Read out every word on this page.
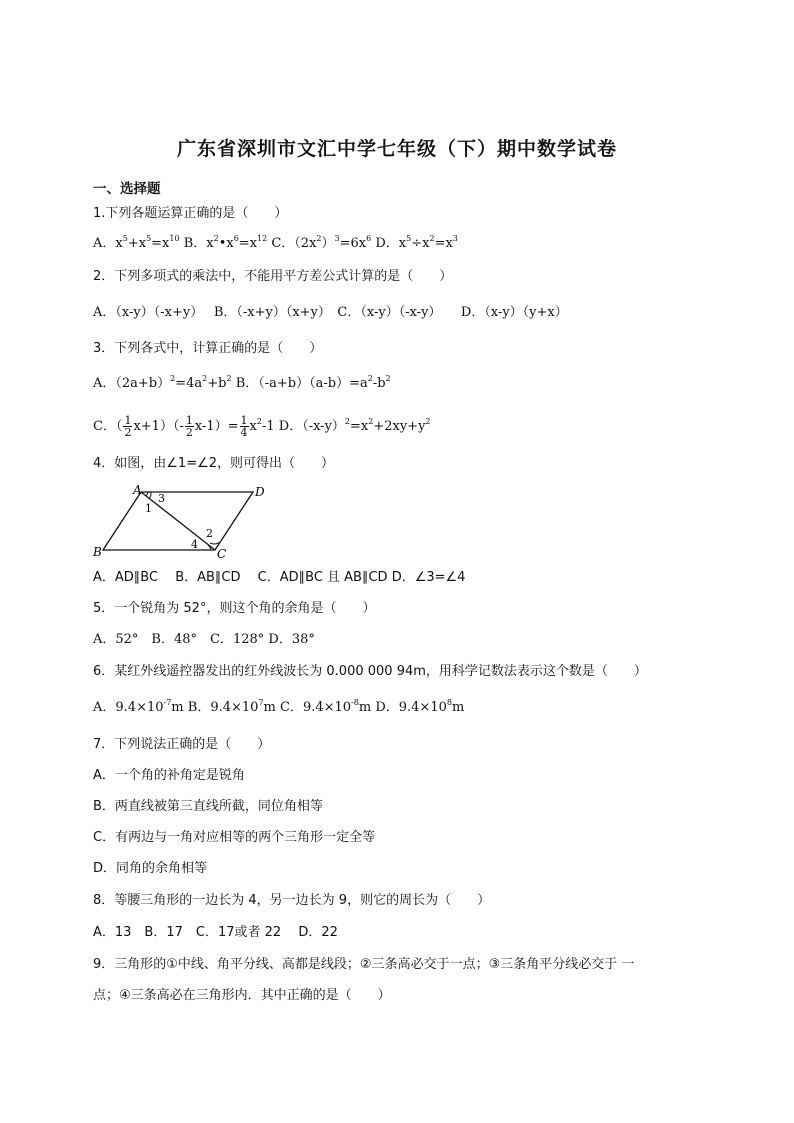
广东省深圳市文汇中学七年级（下）期中数学试卷
一、选择题
1.下列各题运算正确的是（　　）
A．$x^5+x^5=x^{10}$ B．$x^2•x^6=x^{12}$ C．$(2x^2)^3=6x^6$ D．$x^5\div x^2=x^3$
2．下列多项式的乘法中，不能用平方差公式计算的是（　　）
A．（x-y）（-x+y）　 B．（-x+y）（x+y）　C．（x-y）（-x-y）　　D．（x-y）（y+x）
3．下列各式中，计算正确的是（　　）
A．$(2a+b)^2=4a^2+b^2$ B．$(-a+b)(a-b)=a^2-b^2$
C．（ $\frac{1}{2} x+1)(- \frac{1}{2} x-1)= \frac{1}{4} x^2-1$ D．$(-x-y)^2=x^2+2xy+y^2$
4．如图，由∠1=∠2，则可得出（　　）
A	D
B	C
1
3
2
4
A．AD∥BC　 B．AB∥CD　 C．AD∥BC 且 AB∥CD D．∠3=∠4
5．一个锐角为 52°，则这个角的余角是（　　）
A．52°　B．48°　C．128° D．38°
6．某红外线遥控器发出的红外线波长为 0.000 000 94m，用科学记数法表示这个数是（　　）
A．$9.4\times 10^{-7}m$ B．$9.4\times 10^7m$ C．$9.4\times 10^{-8}m$ D．$9.4\times 10^8m$
7．下列说法正确的是（　　）
A．一个角的补角定是锐角
B．两直线被第三直线所截，同位角相等
C．有两边与一角对应相等的两个三角形一定全等
D．同角的余角相等
8．等腰三角形的一边长为 4，另一边长为 9，则它的周长为（　　）
A．13　B．17　C．17或者 22　 D．22
9．三角形的①中线、角平分线、高都是线段；②三条高必交于一点；③三条角平分线必交于 一
点；④三条高必在三角形内．其中正确的是（　　）
